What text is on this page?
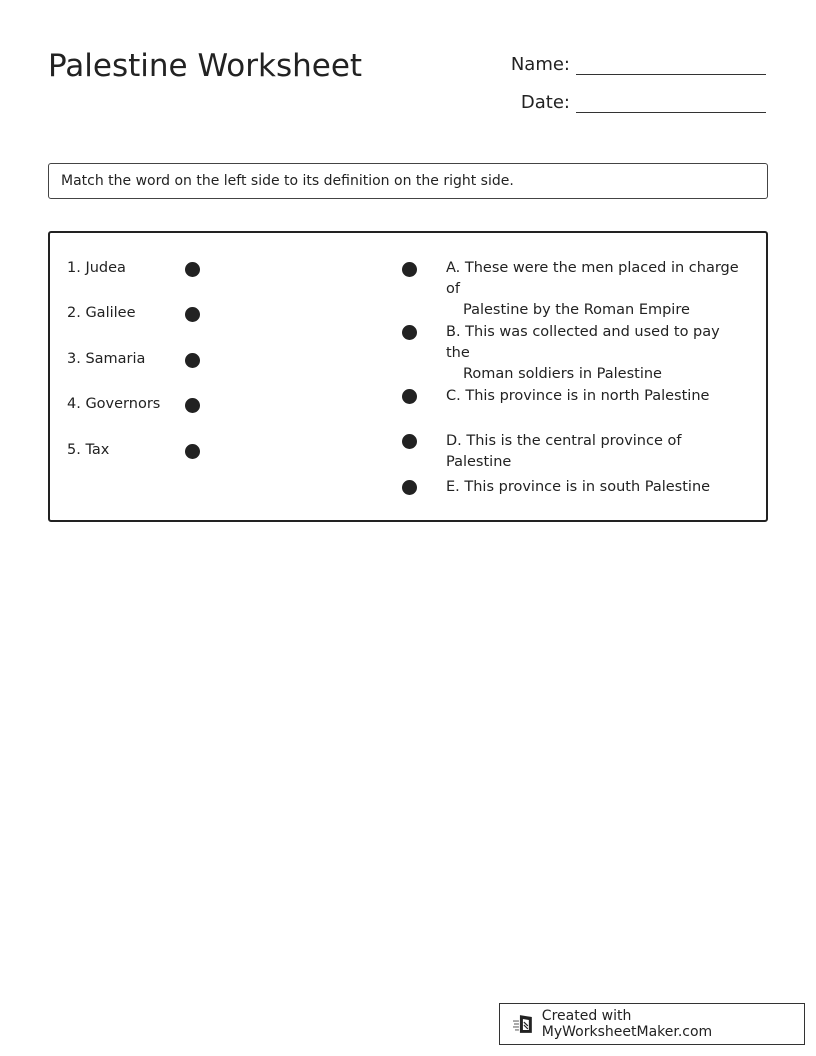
Palestine Worksheet	Name:
Date:
Match the word on the left side to its definition on the right side.
1. Judea
2. Galilee
3. Samaria
4. Governors
5. Tax
A. These were the men placed in charge of
Palestine by the Roman Empire
B. This was collected and used to pay the
Roman soldiers in Palestine
C. This province is in north Palestine
D. This is the central province of Palestine
E. This province is in south Palestine
Created with MyWorksheetMaker.com
